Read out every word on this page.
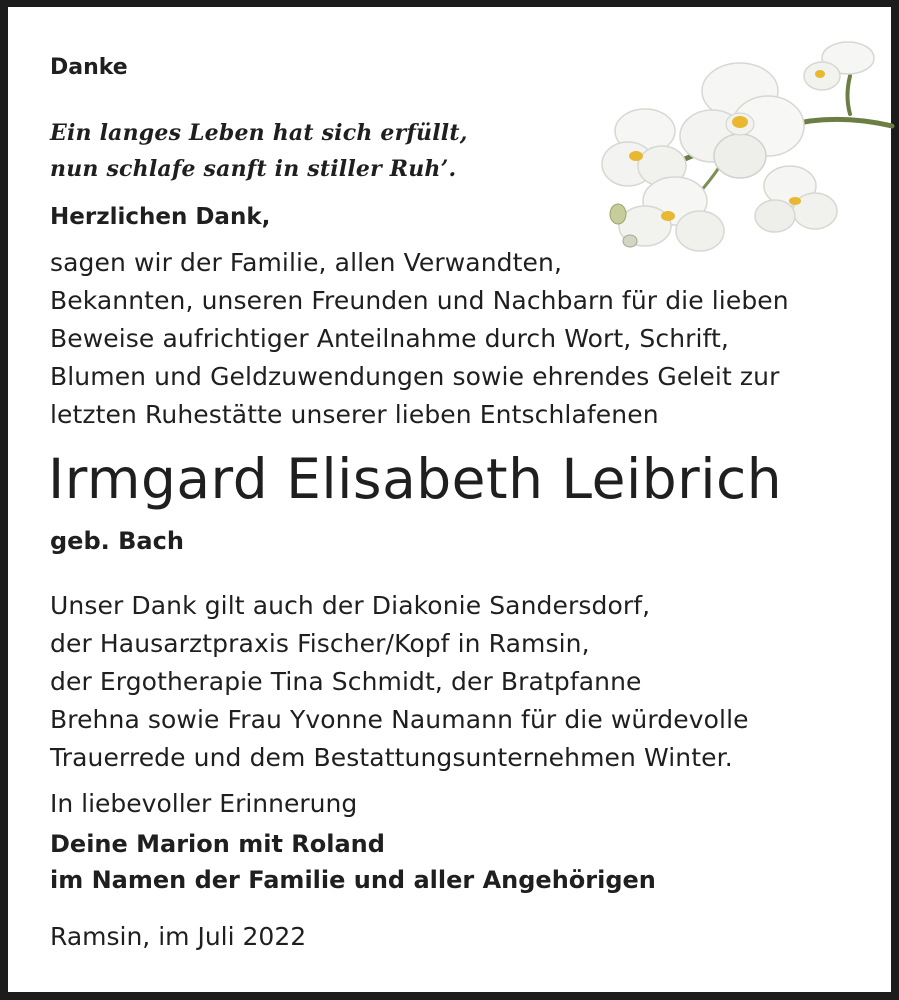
Danke

Ein langes Leben hat sich erfüllt,
nun schlafe sanft in stiller Ruh’.

Herzlichen Dank,

sagen wir der Familie, allen Verwandten,
Bekannten, unseren Freunden und Nachbarn für die lieben
Beweise aufrichtiger Anteilnahme durch Wort, Schrift,
Blumen und Geldzuwendungen sowie ehrendes Geleit zur
letzten Ruhestätte unserer lieben Entschlafenen

Irmgard Elisabeth Leibrich

geb. Bach

Unser Dank gilt auch der Diakonie Sandersdorf,
der Hausarztpraxis Fischer/Kopf in Ramsin,
der Ergotherapie Tina Schmidt, der Bratpfanne
Brehna sowie Frau Yvonne Naumann für die würdevolle
Trauerrede und dem Bestattungsunternehmen Winter.

In liebevoller Erinnerung

Deine Marion mit Roland
im Namen der Familie und aller Angehörigen

Ramsin, im Juli 2022
